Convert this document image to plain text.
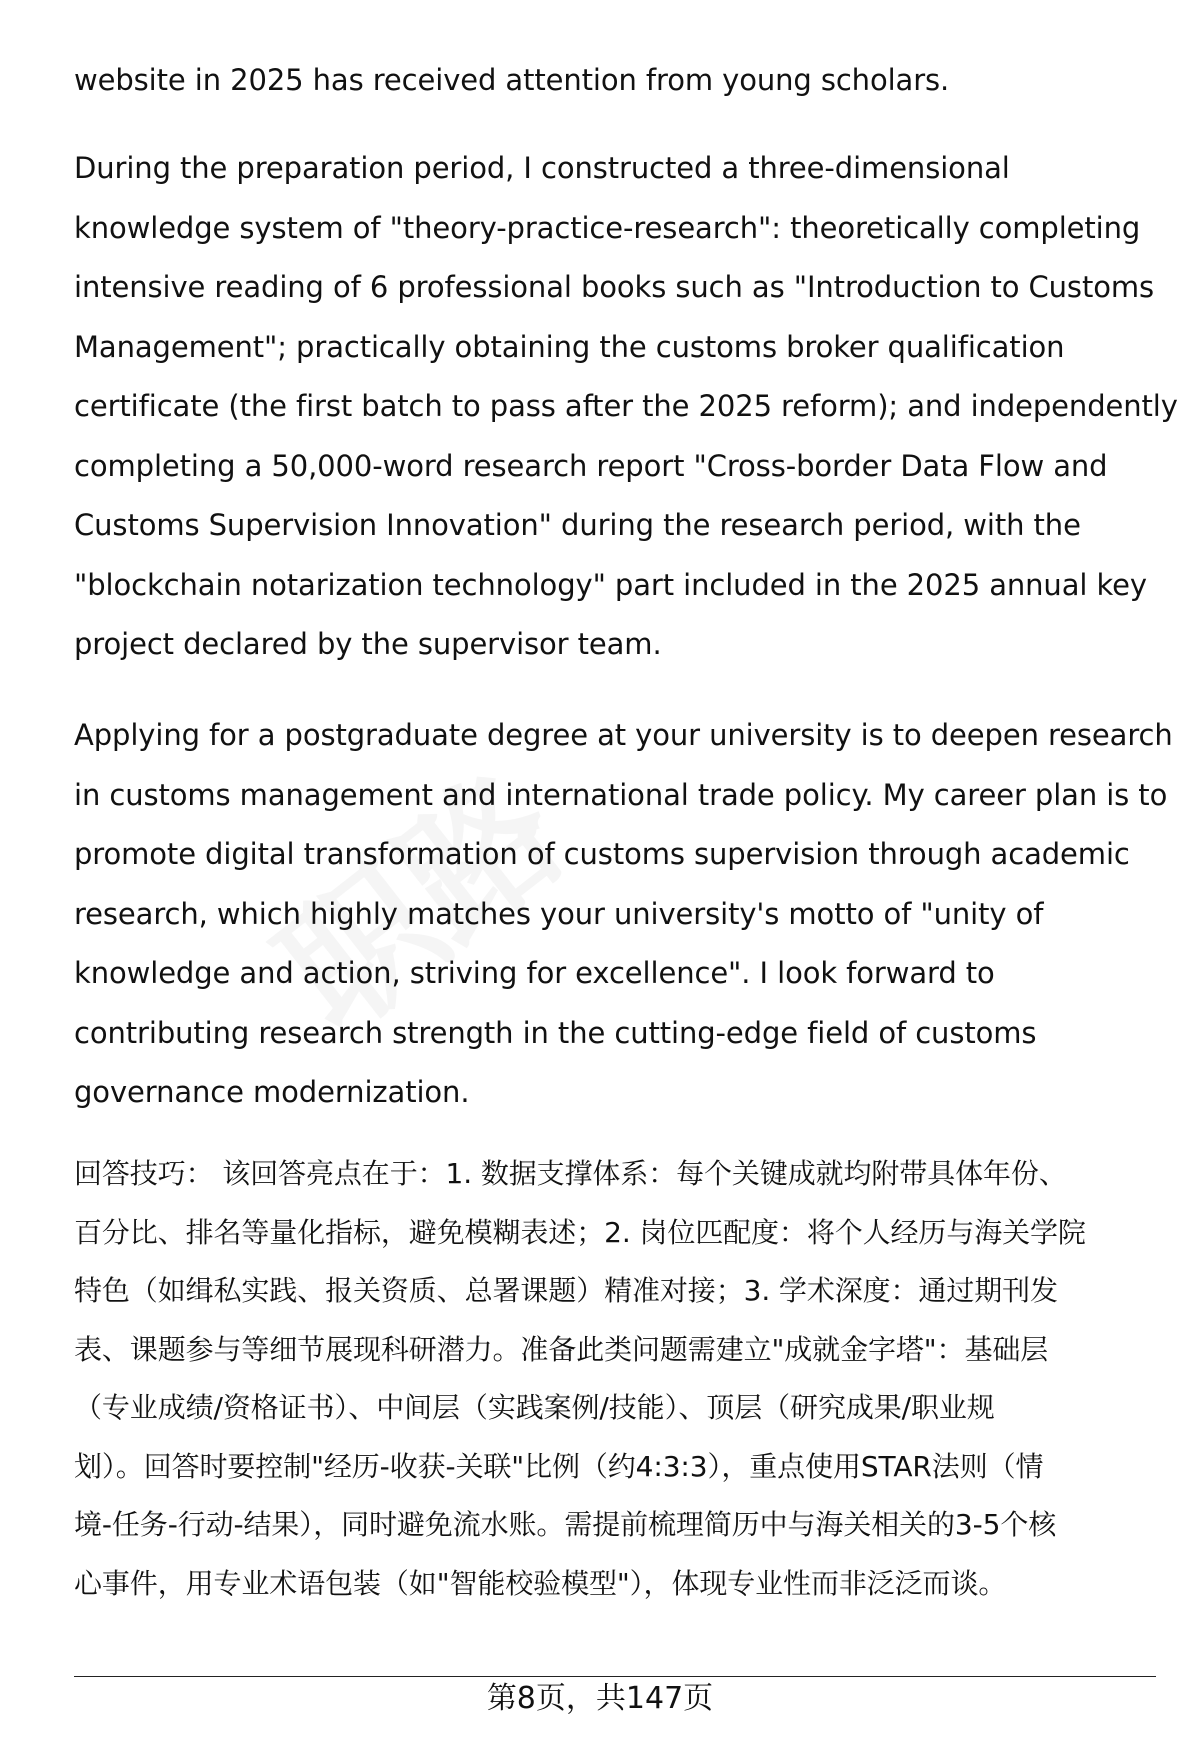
website in 2025 has received attention from young scholars.
During the preparation period, I constructed a three-dimensional
knowledge system of "theory-practice-research": theoretically completing
intensive reading of 6 professional books such as "Introduction to Customs
Management"; practically obtaining the customs broker qualification
certificate (the first batch to pass after the 2025 reform); and independently
completing a 50,000-word research report "Cross-border Data Flow and
Customs Supervision Innovation" during the research period, with the
"blockchain notarization technology" part included in the 2025 annual key
project declared by the supervisor team.
Applying for a postgraduate degree at your university is to deepen research
in customs management and international trade policy. My career plan is to
promote digital transformation of customs supervision through academic
research, which highly matches your university's motto of "unity of
knowledge and action, striving for excellence". I look forward to
contributing research strength in the cutting-edge field of customs
governance modernization.
回答技巧： 该回答亮点在于：1. 数据支撑体系：每个关键成就均附带具体年份、
百分比、排名等量化指标，避免模糊表述；2. 岗位匹配度：将个人经历与海关学院
特色（如缉私实践、报关资质、总署课题）精准对接；3. 学术深度：通过期刊发
表、课题参与等细节展现科研潜力。准备此类问题需建立"成就金字塔"：基础层
（专业成绩/资格证书）、中间层（实践案例/技能）、顶层（研究成果/职业规
划）。回答时要控制"经历-收获-关联"比例（约4:3:3），重点使用STAR法则（情
境-任务-行动-结果），同时避免流水账。需提前梳理简历中与海关相关的3-5个核
心事件，用专业术语包装（如"智能校验模型"），体现专业性而非泛泛而谈。
第8页，共147页
